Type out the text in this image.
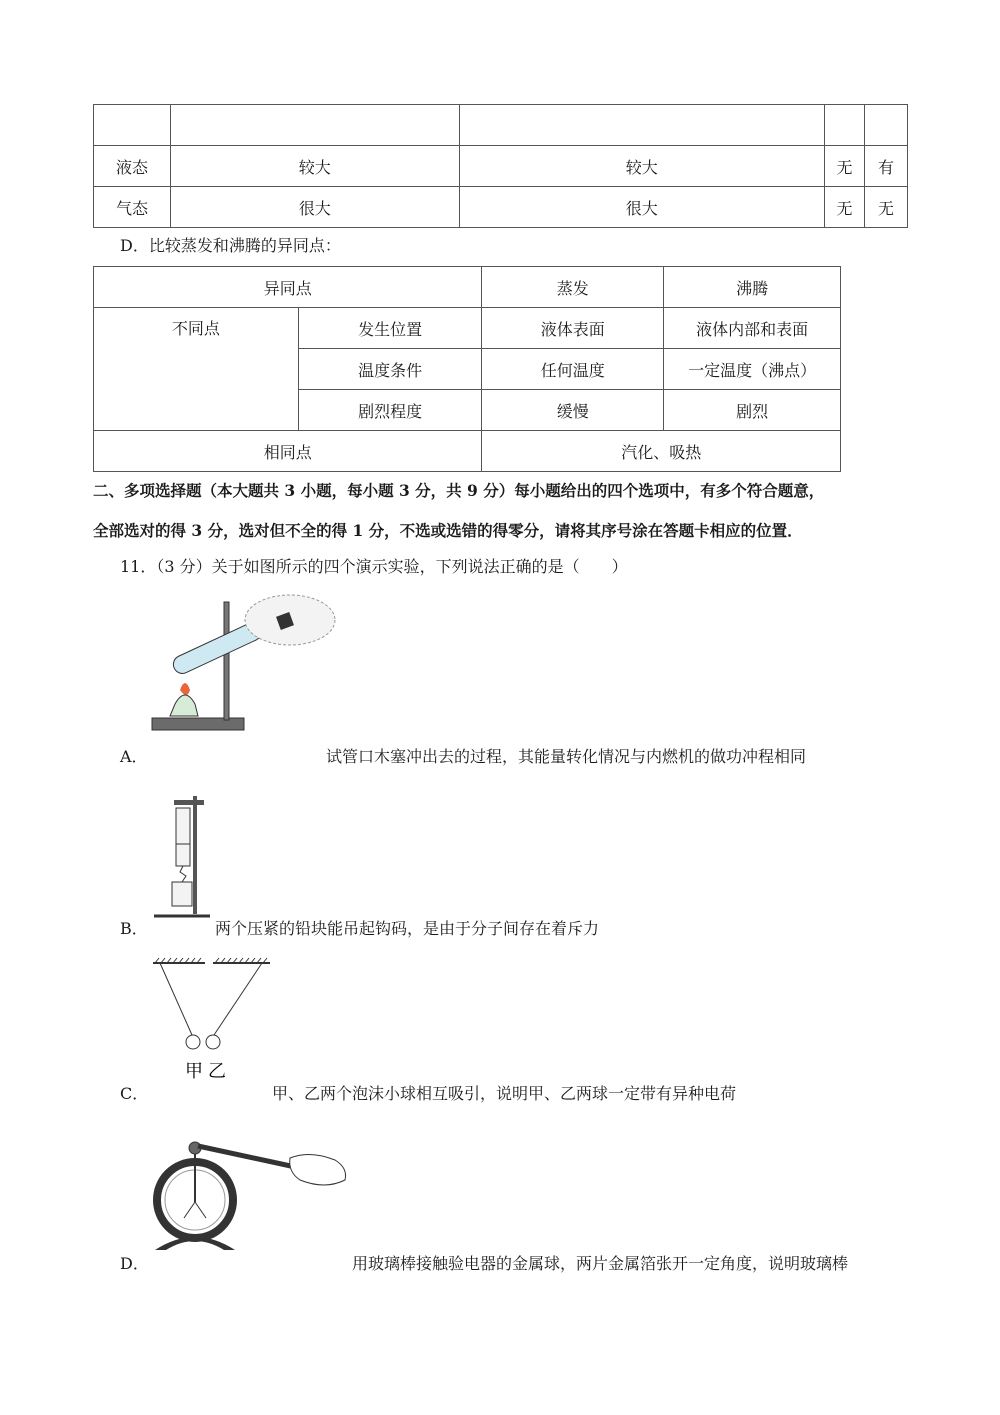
液态	较大	较大	无	有
气态	很大	很大	无	无
D．比较蒸发和沸腾的异同点：
异同点		蒸发	沸腾
不同点	发生位置	液体表面	液体内部和表面
	温度条件	任何温度	一定温度（沸点）
	剧烈程度	缓慢	剧烈
相同点		汽化、吸热	
二、多项选择题（本大题共 3 小题，每小题 3 分，共 9 分）每小题给出的四个选项中，有多个符合题意，
全部选对的得 3 分，选对但不全的得 1 分，不选或选错的得零分，请将其序号涂在答题卡相应的位置．
11．（3 分）关于如图所示的四个演示实验，下列说法正确的是（　　）
A．	试管口木塞冲出去的过程，其能量转化情况与内燃机的做功冲程相同
B．	两个压紧的铅块能吊起钩码，是由于分子间存在着斥力
甲 乙
C．	甲、乙两个泡沫小球相互吸引，说明甲、乙两球一定带有异种电荷
D．	用玻璃棒接触验电器的金属球，两片金属箔张开一定角度，说明玻璃棒
